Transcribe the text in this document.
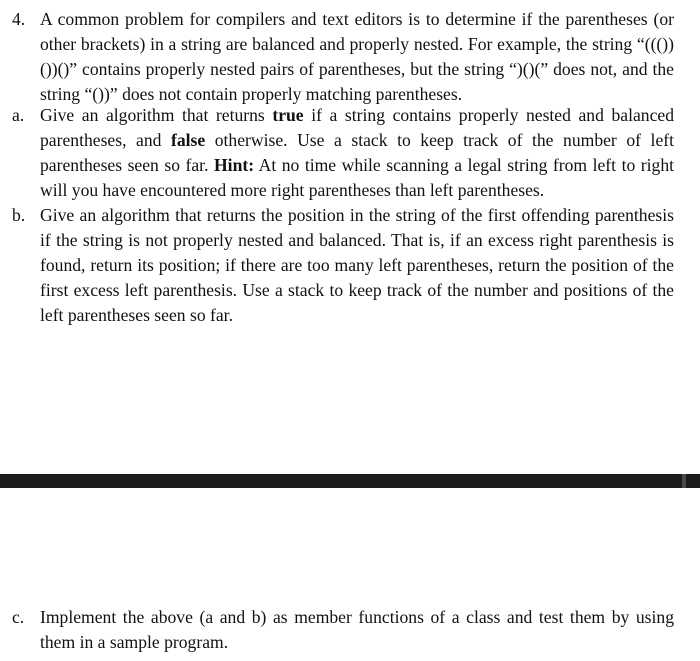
4. A common problem for compilers and text editors is to determine if the parentheses (or other brackets) in a string are balanced and properly nested. For example, the string “((())())()” contains properly nested pairs of parentheses, but the string “)()(” does not, and the string “())” does not contain properly matching parentheses.
a. Give an algorithm that returns true if a string contains properly nested and balanced parentheses, and false otherwise. Use a stack to keep track of the number of left parentheses seen so far. Hint: At no time while scanning a legal string from left to right will you have encountered more right parentheses than left parentheses.
b. Give an algorithm that returns the position in the string of the first offending parenthesis if the string is not properly nested and balanced. That is, if an excess right parenthesis is found, return its position; if there are too many left parentheses, return the position of the first excess left parenthesis. Use a stack to keep track of the number and positions of the left parentheses seen so far.
c. Implement the above (a and b) as member functions of a class and test them by using them in a sample program.
